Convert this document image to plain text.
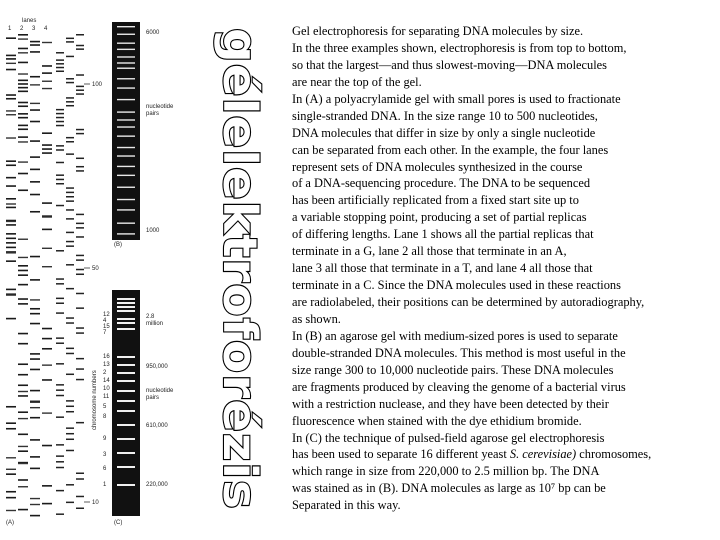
lanes
1 2 3 4
100
50
10
(A)
6000
nucleotide
pairs
1000
(B)
12
4
15
7
16
13
2
14
10
11
5
8
9
3
6
1
chromosome numbers
2.8
million
950,000
nucleotide
pairs
610,000
220,000
(C)
gélelektroforézis Gel electrophoresis for separating DNA molecules by size.
In the three examples shown, electrophoresis is from top to bottom,
so that the largest—and thus slowest-moving—DNA molecules
are near the top of the gel.
In (A) a polyacrylamide gel with small pores is used to fractionate
single-stranded DNA. In the size range 10 to 500 nucleotides,
DNA molecules that differ in size by only a single nucleotide
can be separated from each other. In the example, the four lanes
represent sets of DNA molecules synthesized in the course
of a DNA-sequencing procedure. The DNA to be sequenced
has been artificially replicated from a fixed start site up to
a variable stopping point, producing a set of partial replicas
of differing lengths. Lane 1 shows all the partial replicas that
terminate in a G, lane 2 all those that terminate in an A,
lane 3 all those that terminate in a T, and lane 4 all those that
terminate in a C. Since the DNA molecules used in these reactions
are radiolabeled, their positions can be determined by autoradiography,
as shown.
In (B) an agarose gel with medium-sized pores is used to separate
double-stranded DNA molecules. This method is most useful in the
size range 300 to 10,000 nucleotide pairs. These DNA molecules
are fragments produced by cleaving the genome of a bacterial virus
with a restriction nuclease, and they have been detected by their
fluorescence when stained with the dye ethidium bromide.
In (C) the technique of pulsed-field agarose gel electrophoresis
has been used to separate 16 different yeast S. cerevisiae) chromosomes,
which range in size from 220,000 to 2.5 million bp. The DNA
was stained as in (B). DNA molecules as large as 10⁷ bp can be
Separated in this way.
